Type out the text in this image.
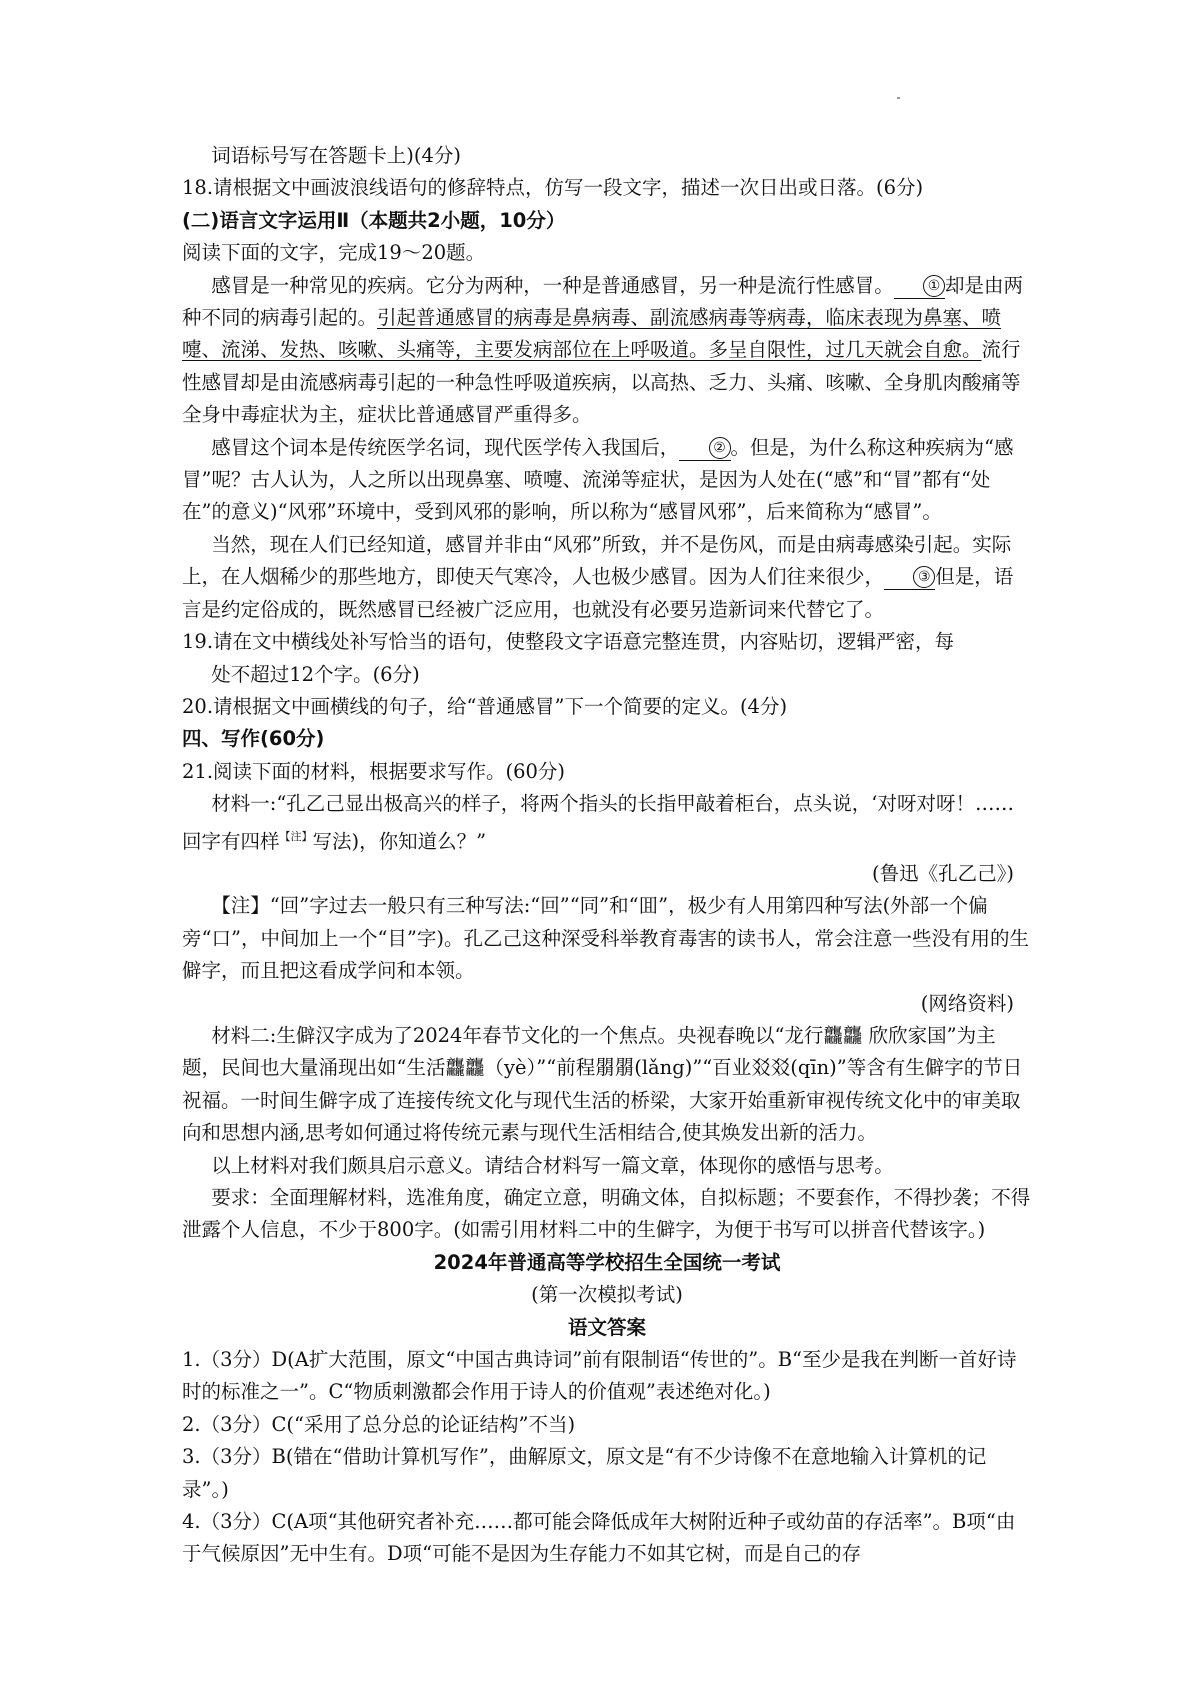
词语标号写在答题卡上)(4分)

18.请根据文中画波浪线语句的修辞特点，仿写一段文字，描述一次日出或日落。(6分)

(二)语言文字运用Ⅱ（本题共2小题，10分）

阅读下面的文字，完成19～20题。

感冒是一种常见的疾病。它分为两种，一种是普通感冒，另一种是流行性感冒。 ① 却是由两种不同的病毒引起的。引起普通感冒的病毒是鼻病毒、副流感病毒等病毒，临床表现为鼻塞、喷嚏、流涕、发热、咳嗽、头痛等，主要发病部位在上呼吸道。多呈自限性，过几天就会自愈。流行性感冒却是由流感病毒引起的一种急性呼吸道疾病，以高热、乏力、头痛、咳嗽、全身肌肉酸痛等全身中毒症状为主，症状比普通感冒严重得多。

感冒这个词本是传统医学名词，现代医学传入我国后， ② 。但是，为什么称这种疾病为“感冒”呢？古人认为，人之所以出现鼻塞、喷嚏、流涕等症状，是因为人处在(“感”和“冒”都有“处在”的意义)“风邪”环境中，受到风邪的影响，所以称为“感冒风邪”，后来简称为“感冒”。

当然，现在人们已经知道，感冒并非由“风邪”所致，并不是伤风，而是由病毒感染引起。实际上，在人烟稀少的那些地方，即使天气寒冷，人也极少感冒。因为人们往来很少， ③ 但是，语言是约定俗成的，既然感冒已经被广泛应用，也就没有必要另造新词来代替它了。

19.请在文中横线处补写恰当的语句，使整段文字语意完整连贯，内容贴切，逻辑严密，每

处不超过12个字。(6分)

20.请根据文中画横线的句子，给“普通感冒”下一个简要的定义。(4分)

四、写作(60分)

21.阅读下面的材料，根据要求写作。(60分)

材料一:“孔乙己显出极高兴的样子，将两个指头的长指甲敲着柜台，点头说，‘对呀对呀！……回字有四样$^{【注】}$写法)，你知道么？”

(鲁迅《孔乙己》)

【注】“回”字过去一般只有三种写法:“回”“同”和“囬”，极少有人用第四种写法(外部一个偏旁“口”，中间加上一个“目”字)。孔乙己这种深受科举教育毒害的读书人，常会注意一些没有用的生僻字，而且把这看成学问和本领。

(网络资料)

材料二:生僻汉字成为了2024年春节文化的一个焦点。央视春晚以“龙行龘龘 欣欣家国”为主题，民间也大量涌现出如“生活龘龘（yè）”“前程朤朤(lǎng)”“百业㸚㸚(qīn)”等含有生僻字的节日祝福。一时间生僻字成了连接传统文化与现代生活的桥梁，大家开始重新审视传统文化中的审美取向和思想内涵,思考如何通过将传统元素与现代生活相结合,使其焕发出新的活力。

以上材料对我们颇具启示意义。请结合材料写一篇文章，体现你的感悟与思考。

要求：全面理解材料，选准角度，确定立意，明确文体，自拟标题；不要套作，不得抄袭；不得泄露个人信息，不少于800字。(如需引用材料二中的生僻字，为便于书写可以拼音代替该字。)

2024年普通高等学校招生全国统一考试

(第一次模拟考试)

语文答案

1.（3分）D(A扩大范围，原文“中国古典诗词”前有限制语“传世的”。B“至少是我在判断一首好诗时的标准之一”。C“物质刺激都会作用于诗人的价值观”表述绝对化。)

2.（3分）C(“采用了总分总的论证结构”不当)

3.（3分）B(错在“借助计算机写作”，曲解原文，原文是“有不少诗像不在意地输入计算机的记录”。)

4.（3分）C(A项“其他研究者补充……都可能会降低成年大树附近种子或幼苗的存活率”。B项“由于气候原因”无中生有。D项“可能不是因为生存能力不如其它树，而是自己的存
